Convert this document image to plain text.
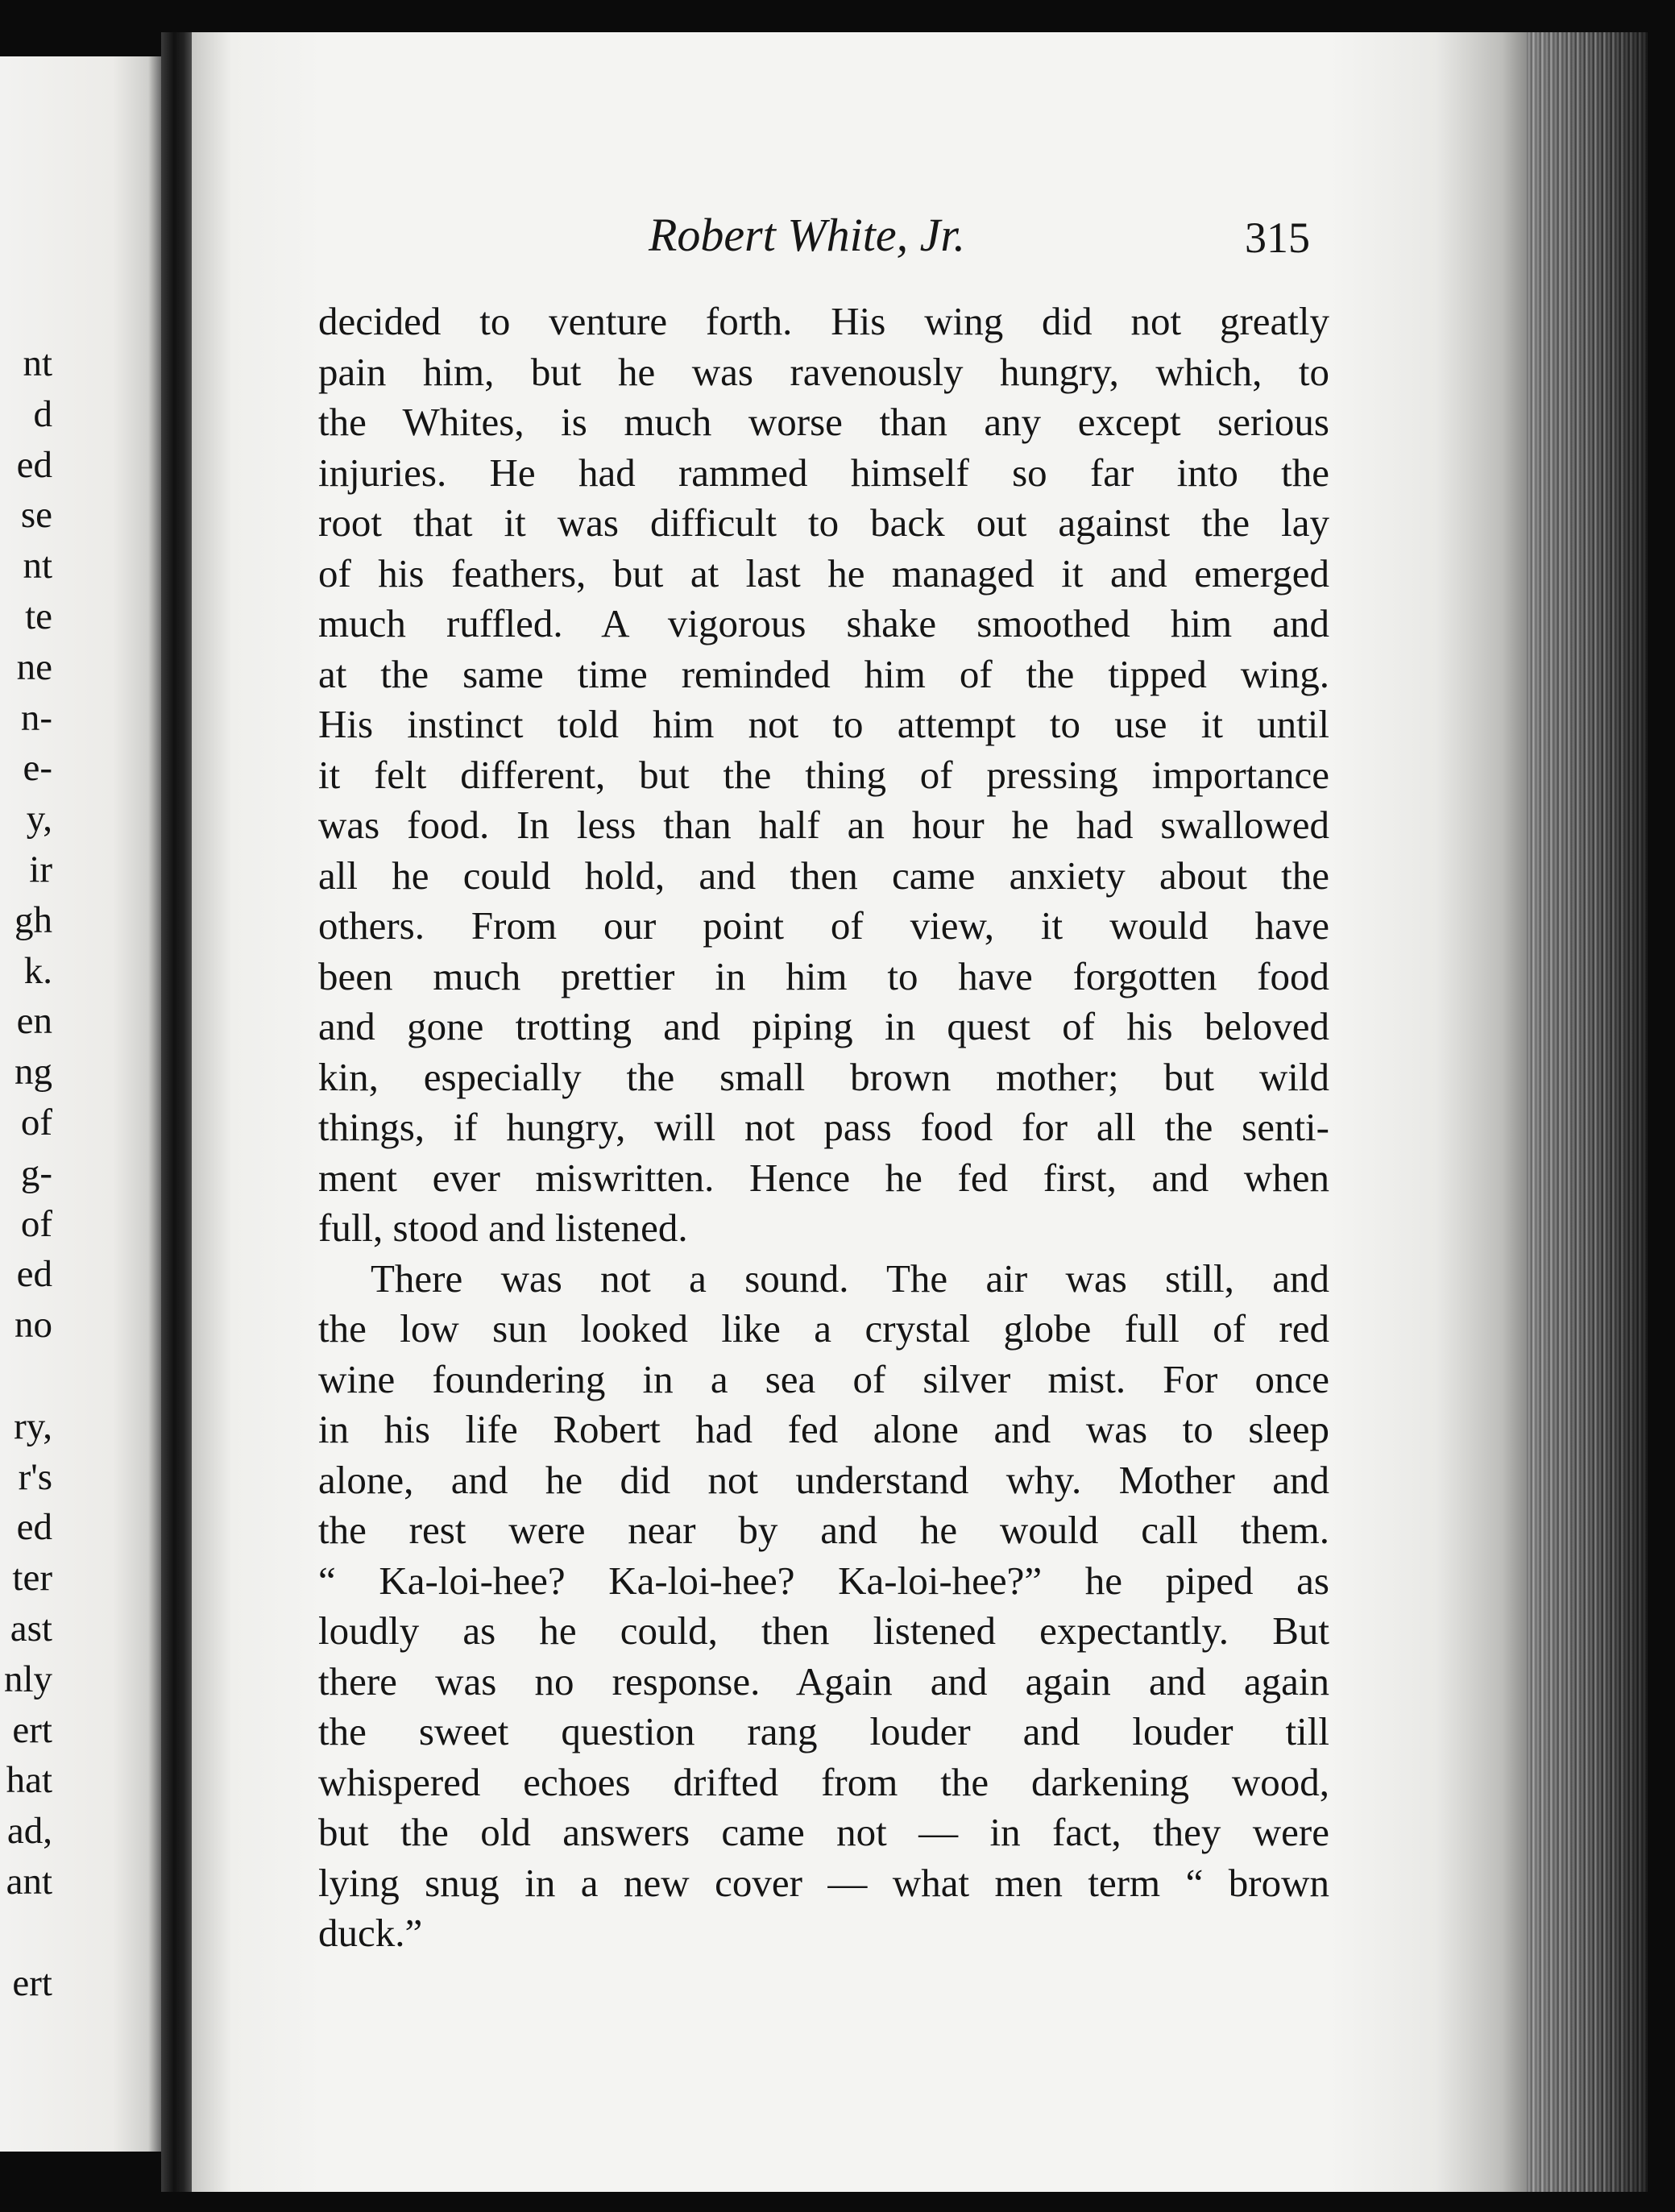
nt
d
ed
se
nt
te
ne
n-
e-
y,
ir
gh
k.
en
ng
of
g-
of
ed
no
ry,
r's
ed
ter
ast
nly
ert
hat
ad,
ant
ert
Robert White, Jr.	315
decided to venture forth. His wing did not greatly
pain him, but he was ravenously hungry, which, to
the Whites, is much worse than any except serious
injuries. He had rammed himself so far into the
root that it was difficult to back out against the lay
of his feathers, but at last he managed it and emerged
much ruffled. A vigorous shake smoothed him and
at the same time reminded him of the tipped wing.
His instinct told him not to attempt to use it until
it felt different, but the thing of pressing importance
was food. In less than half an hour he had swallowed
all he could hold, and then came anxiety about the
others. From our point of view, it would have
been much prettier in him to have forgotten food
and gone trotting and piping in quest of his beloved
kin, especially the small brown mother; but wild
things, if hungry, will not pass food for all the senti-
ment ever miswritten. Hence he fed first, and when
full, stood and listened.
There was not a sound. The air was still, and
the low sun looked like a crystal globe full of red
wine foundering in a sea of silver mist. For once
in his life Robert had fed alone and was to sleep
alone, and he did not understand why. Mother and
the rest were near by and he would call them.
“ Ka-loi-hee? Ka-loi-hee? Ka-loi-hee?” he piped as
loudly as he could, then listened expectantly. But
there was no response. Again and again and again
the sweet question rang louder and louder till
whispered echoes drifted from the darkening wood,
but the old answers came not — in fact, they were
lying snug in a new cover — what men term “ brown
duck.”
